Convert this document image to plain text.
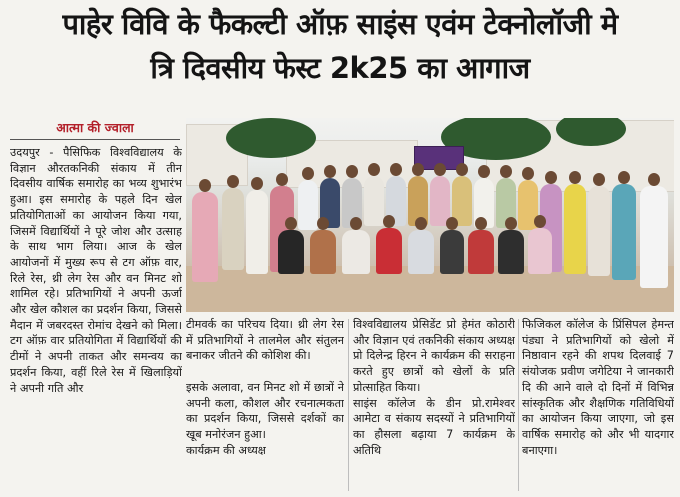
पाहेर विवि के फैकल्टी ऑफ़ साइंस एवंम टेक्नोलॉजी मे
त्रि दिवसीय फेस्ट 2k25 का आगाज
आत्मा की ज्वाला

उदयपुर - पैसिफिक विश्वविद्यालय के विज्ञान औरतकनिकी संकाय में तीन दिवसीय वार्षिक समारोह का भव्य शुभारंभ हुआ। इस समारोह के पहले दिन खेल प्रतियोगिताओं का आयोजन किया गया, जिसमें विद्यार्थियों ने पूरे जोश और उत्साह के साथ भाग लिया। आज के खेल आयोजनों में मुख्य रूप से टग ऑफ़ वार, रिले रेस, थ्री लेग रेस और वन मिनट शो शामिल रहे। प्रतिभागियों ने अपनी ऊर्जा और खेल कौशल का प्रदर्शन किया, जिससे मैदान में जबरदस्त रोमांच देखने को मिला। टग ऑफ़ वार प्रतियोगिता में विद्यार्थियों की टीमों ने अपनी ताकत और समन्वय का प्रदर्शन किया, वहीं रिले रेस में खिलाड़ियों ने अपनी गति और

टीमवर्क का परिचय दिया। थ्री लेग रेस में प्रतिभागियों ने तालमेल और संतुलन बनाकर जीतने की कोशिश की।

इसके अलावा, वन मिनट शो में छात्रों ने अपनी कला, कौशल और रचनात्मकता का प्रदर्शन किया, जिससे दर्शकों का खूब मनोरंजन हुआ।
कार्यक्रम की अध्यक्ष

विश्वविद्यालय प्रेसिडेंट प्रो हेमंत कोठारी और विज्ञान एवं तकनिकी संकाय अध्यक्ष प्रो दिलेन्द्र हिरन ने कार्यक्रम की सराहना करते हुए छात्रों को खेलों के प्रति प्रोत्साहित किया।
साइंस कॉलेज के डीन प्रो.रामेश्वर आमेटा व संकाय सदस्यों ने प्रतिभागियों का हौसला बढ़ाया 7 कार्यक्रम के अतिथि

फिजिकल कॉलेज के प्रिंसिपल हेमन्त पंड्या ने प्रतिभागियों को खेलो में निष्ठावान रहने की शपथ दिलवाई 7 संयोजक प्रवीण जगेटिया ने जानकारी दि की आने वाले दो दिनों में विभिन्न सांस्कृतिक और शैक्षणिक गतिविधियों का आयोजन किया जाएगा, जो इस वार्षिक समारोह को और भी यादगार बनाएगा।
